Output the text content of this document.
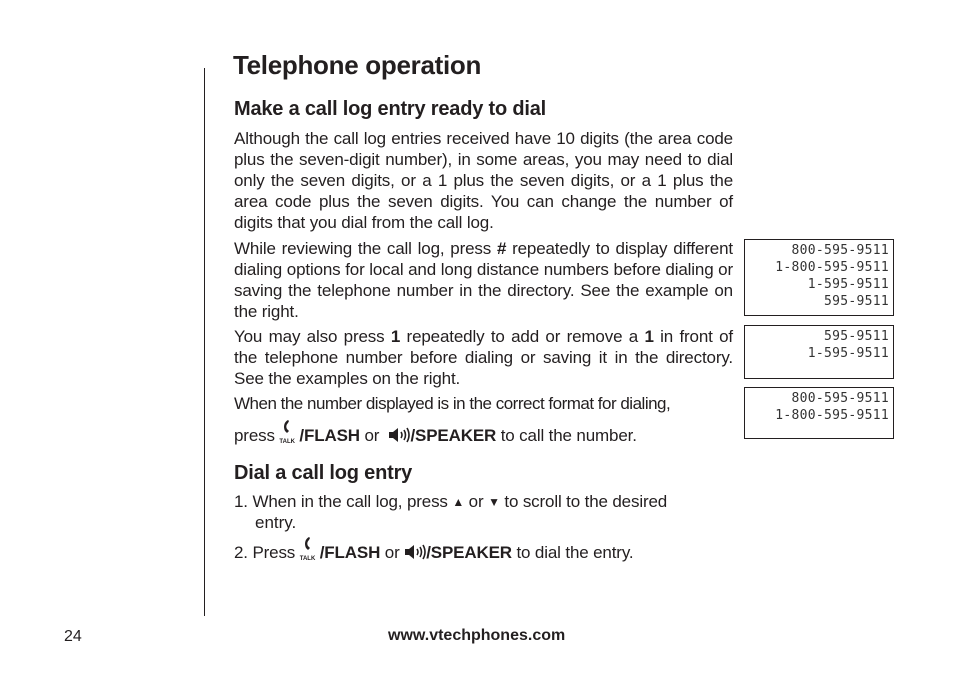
Telephone operation
Make a call log entry ready to dial

Although the call log entries received have 10 digits (the area code plus the seven-digit number), in some areas, you may need to dial only the seven digits, or a 1 plus the seven digits, or a 1 plus the area code plus the seven digits. You can change the number of digits that you dial from the call log.

While reviewing the call log, press # repeatedly to display different dialing options for local and long distance numbers before dialing or saving the telephone number in the directory. See the example on the right.

You may also press 1 repeatedly to add or remove a 1 in front of the telephone number before dialing or saving it in the directory. See the examples on the right.

When the number displayed is in the correct format for dialing,
press TALK /FLASH or  /SPEAKER to call the number.
Dial a call log entry
1. When in the call log, press ▲ or ▼ to scroll to the desired
entry.
2. Press TALK /FLASH or /SPEAKER to dial the entry.
800-595-9511
1-800-595-9511
1-595-9511
595-9511
595-9511
1-595-9511
800-595-9511
1-800-595-9511

24	www.vtechphones.com
